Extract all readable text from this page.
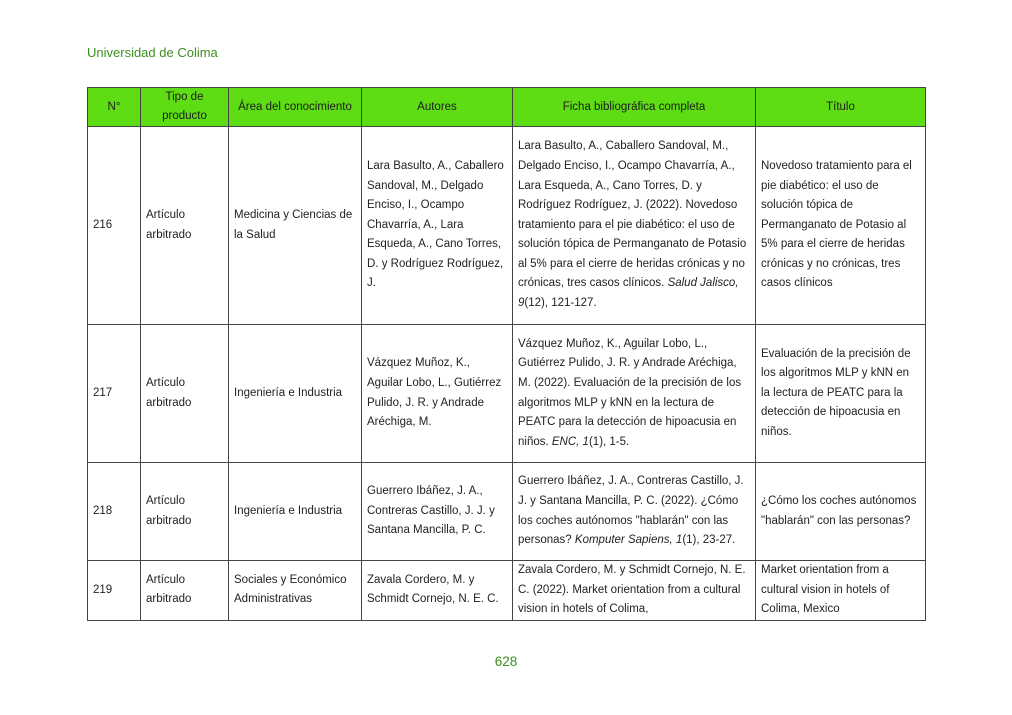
Universidad de Colima
N°	Tipo de producto	Área del conocimiento	Autores	Ficha bibliográfica completa	Título
216	Artículo arbitrado	Medicina y Ciencias de la Salud	Lara Basulto, A., Caballero Sandoval, M., Delgado Enciso, I., Ocampo Chavarría, A., Lara Esqueda, A., Cano Torres, D. y Rodríguez Rodríguez, J.	Lara Basulto, A., Caballero Sandoval, M., Delgado Enciso, I., Ocampo Chavarría, A., Lara Esqueda, A., Cano Torres, D. y Rodríguez Rodríguez, J. (2022). Novedoso tratamiento para el pie diabético: el uso de solución tópica de Permanganato de Potasio al 5% para el cierre de heridas crónicas y no crónicas, tres casos clínicos. Salud Jalisco, 9(12), 121-127.	Novedoso tratamiento para el pie diabético: el uso de solución tópica de Permanganato de Potasio al 5% para el cierre de heridas crónicas y no crónicas, tres casos clínicos
217	Artículo arbitrado	Ingeniería e Industria	Vázquez Muñoz, K., Aguilar Lobo, L., Gutiérrez Pulido, J. R. y Andrade Aréchiga, M.	Vázquez Muñoz, K., Aguilar Lobo, L., Gutiérrez Pulido, J. R. y Andrade Aréchiga, M. (2022). Evaluación de la precisión de los algoritmos MLP y kNN en la lectura de PEATC para la detección de hipoacusia en niños. ENC, 1(1), 1-5.	Evaluación de la precisión de los algoritmos MLP y kNN en la lectura de PEATC para la detección de hipoacusia en niños.
218	Artículo arbitrado	Ingeniería e Industria	Guerrero Ibáñez, J. A., Contreras Castillo, J. J. y Santana Mancilla, P. C.	Guerrero Ibáñez, J. A., Contreras Castillo, J. J. y Santana Mancilla, P. C. (2022). ¿Cómo los coches autónomos "hablarán" con las personas? Komputer Sapiens, 1(1), 23-27.	¿Cómo los coches autónomos "hablarán" con las personas?
219	Artículo arbitrado	Sociales y Económico Administrativas	Zavala Cordero, M. y Schmidt Cornejo, N. E. C.	Zavala Cordero, M. y Schmidt Cornejo, N. E. C. (2022). Market orientation from a cultural vision in hotels of Colima,	Market orientation from a cultural vision in hotels of Colima, Mexico
628
